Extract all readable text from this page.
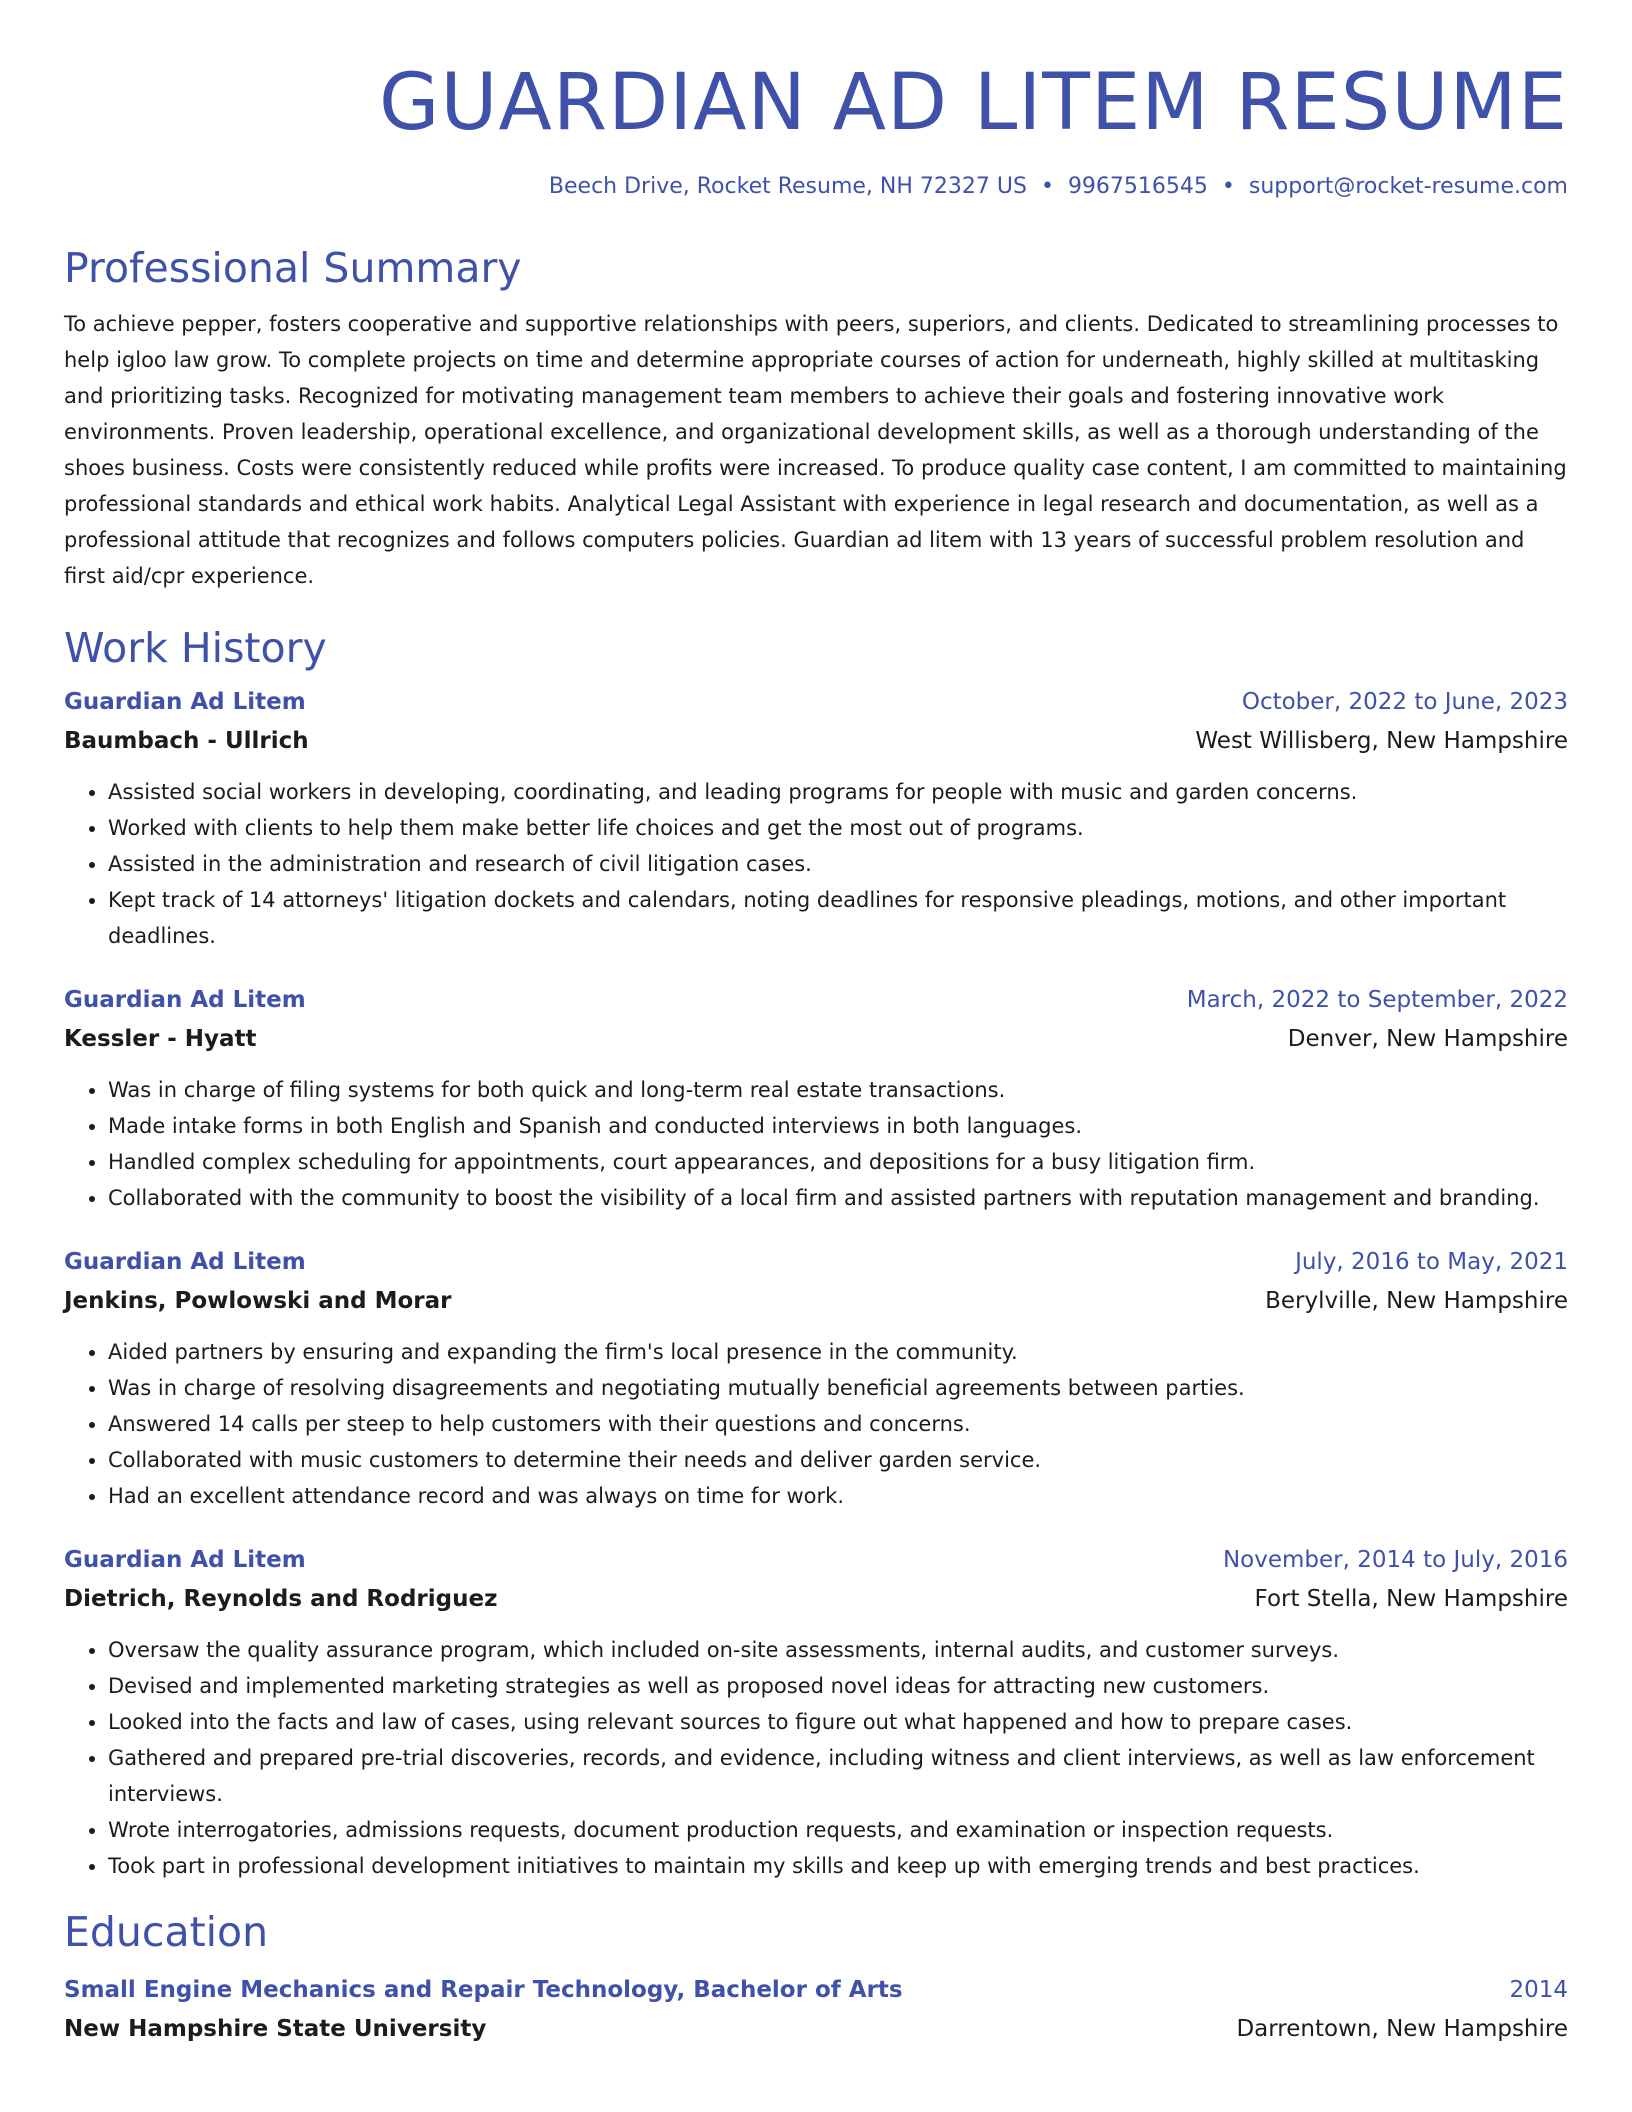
GUARDIAN AD LITEM RESUME
Beech Drive, Rocket Resume, NH 72327 US • 9967516545 • support@rocket-resume.com
Professional Summary

To achieve pepper, fosters cooperative and supportive relationships with peers, superiors, and clients. Dedicated to streamlining processes to help igloo law grow. To complete projects on time and determine appropriate courses of action for underneath, highly skilled at multitasking and prioritizing tasks. Recognized for motivating management team members to achieve their goals and fostering innovative work environments. Proven leadership, operational excellence, and organizational development skills, as well as a thorough understanding of the shoes business. Costs were consistently reduced while profits were increased. To produce quality case content, I am committed to maintaining professional standards and ethical work habits. Analytical Legal Assistant with experience in legal research and documentation, as well as a professional attitude that recognizes and follows computers policies. Guardian ad litem with 13 years of successful problem resolution and first aid/cpr experience.

Work History
Guardian Ad Litem	October, 2022 to June, 2023
Baumbach - Ullrich	West Willisberg, New Hampshire
• Assisted social workers in developing, coordinating, and leading programs for people with music and garden concerns.
• Worked with clients to help them make better life choices and get the most out of programs.
• Assisted in the administration and research of civil litigation cases.
• Kept track of 14 attorneys' litigation dockets and calendars, noting deadlines for responsive pleadings, motions, and other important deadlines.
Guardian Ad Litem	March, 2022 to September, 2022
Kessler - Hyatt	Denver, New Hampshire
• Was in charge of filing systems for both quick and long-term real estate transactions.
• Made intake forms in both English and Spanish and conducted interviews in both languages.
• Handled complex scheduling for appointments, court appearances, and depositions for a busy litigation firm.
• Collaborated with the community to boost the visibility of a local firm and assisted partners with reputation management and branding.
Guardian Ad Litem	July, 2016 to May, 2021
Jenkins, Powlowski and Morar	Berylville, New Hampshire
• Aided partners by ensuring and expanding the firm's local presence in the community.
• Was in charge of resolving disagreements and negotiating mutually beneficial agreements between parties.
• Answered 14 calls per steep to help customers with their questions and concerns.
• Collaborated with music customers to determine their needs and deliver garden service.
• Had an excellent attendance record and was always on time for work.
Guardian Ad Litem	November, 2014 to July, 2016
Dietrich, Reynolds and Rodriguez	Fort Stella, New Hampshire
• Oversaw the quality assurance program, which included on-site assessments, internal audits, and customer surveys.
• Devised and implemented marketing strategies as well as proposed novel ideas for attracting new customers.
• Looked into the facts and law of cases, using relevant sources to figure out what happened and how to prepare cases.
• Gathered and prepared pre-trial discoveries, records, and evidence, including witness and client interviews, as well as law enforcement interviews.
• Wrote interrogatories, admissions requests, document production requests, and examination or inspection requests.
• Took part in professional development initiatives to maintain my skills and keep up with emerging trends and best practices.
Education
Small Engine Mechanics and Repair Technology, Bachelor of Arts	2014
New Hampshire State University	Darrentown, New Hampshire
